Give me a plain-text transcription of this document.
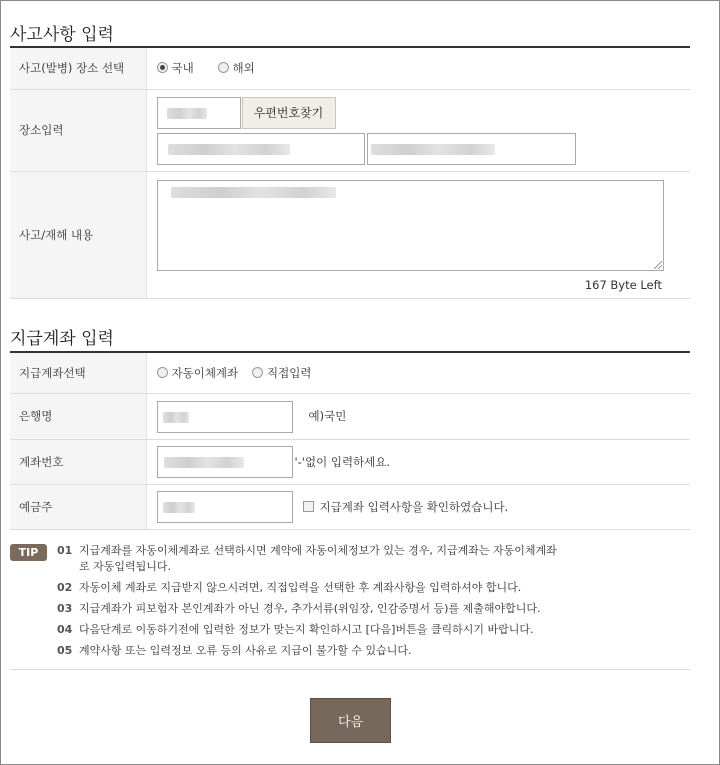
사고사항 입력
사고(발병) 장소 선택	국내 해외
장소입력	우편번호찾기

사고/재해 내용	167 Byte Left
지급계좌 입력
지급계좌선택	자동이체계좌 직접입력
은행명	예)국민

계좌번호	'-'없이 입력하세요.

예금주	지급계좌 입력사항을 확인하였습니다.
TIP	01 지급계좌를 자동이체계좌로 선택하시면 계약에 자동이체정보가 있는 경우, 지급계좌는 자동이체계좌로 자동입력됩니다.
02 자동이체 계좌로 지급받지 않으시려면, 직접입력을 선택한 후 계좌사항을 입력하셔야 합니다.
03 지급계좌가 피보험자 본인계좌가 아닌 경우, 추가서류(위임장, 인감증명서 등)를 제출해야합니다.
04 다음단계로 이동하기전에 입력한 정보가 맞는지 확인하시고 [다음]버튼을 클릭하시기 바랍니다.
05 계약사항 또는 입력정보 오류 등의 사유로 지급이 불가할 수 있습니다.
다음
